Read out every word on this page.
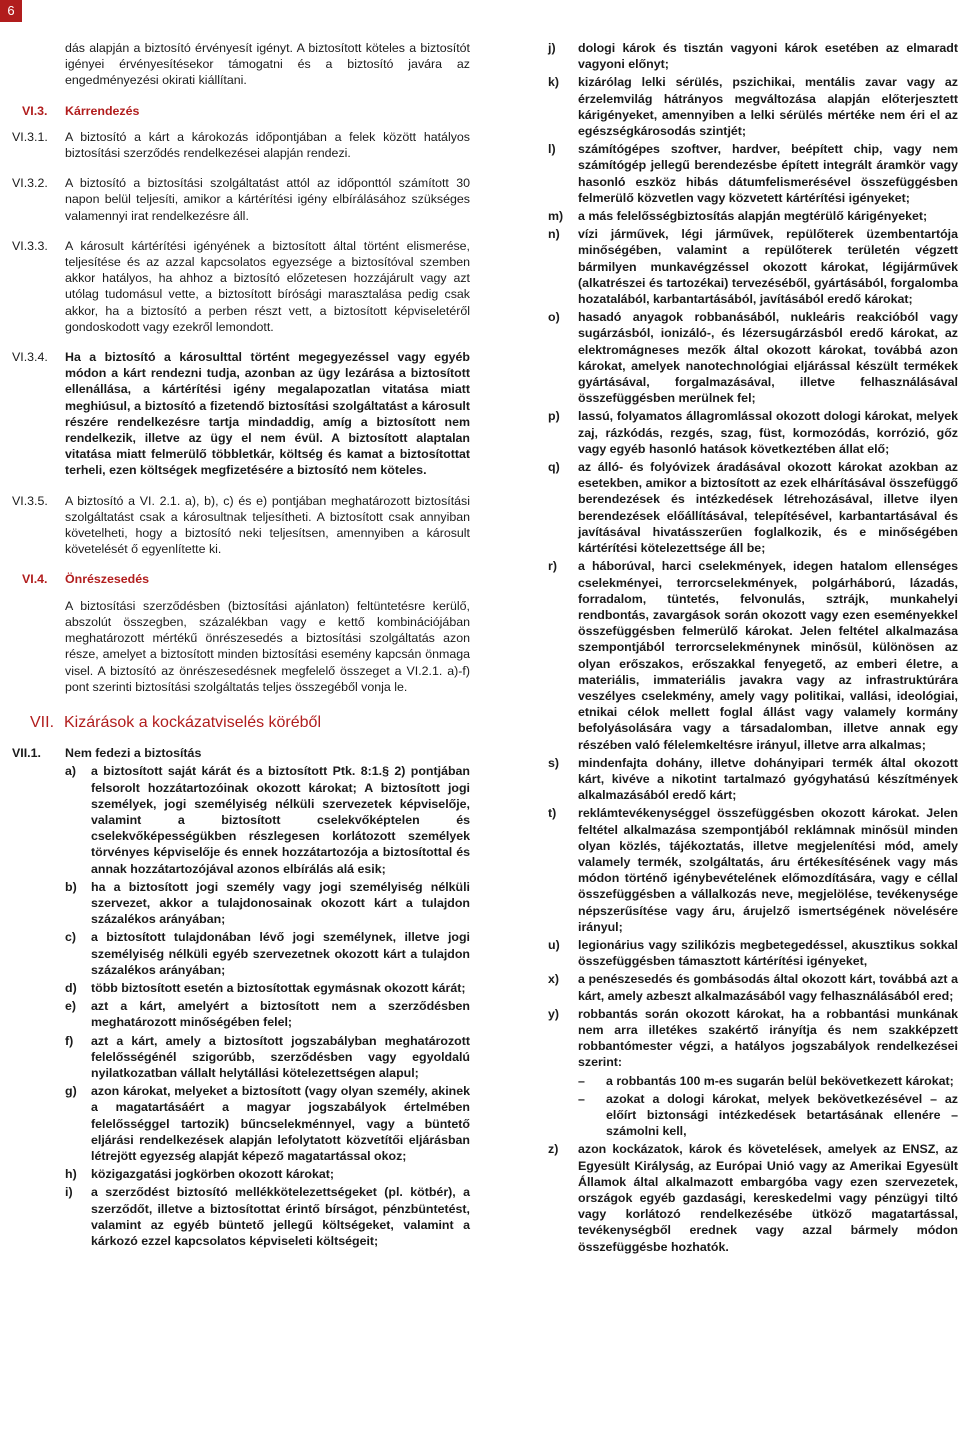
6
dás alapján a biztosító érvényesít igényt. A biztosított köteles a biztosítót igényei érvényesítésekor támogatni és a biztosító javára az engedményezési okirati kiállítani.
VI.3. Kárrendezés
VI.3.1. A biztosító a kárt a károkozás időpontjában a felek között hatályos biztosítási szerződés rendelkezései alapján rendezi.
VI.3.2. A biztosító a biztosítási szolgáltatást attól az időponttól számított 30 napon belül teljesíti, amikor a kártérítési igény elbírálásához szükséges valamennyi irat rendelkezésre áll.
VI.3.3. A károsult kártérítési igényének a biztosított által történt elismerése, teljesítése és az azzal kapcsolatos egyezsége a biztosítóval szemben akkor hatályos, ha ahhoz a biztosító előzetesen hozzájárult vagy azt utólag tudomásul vette, a biztosított bírósági marasztalása pedig csak akkor, ha a biztosító a perben részt vett, a biztosított képviseletéről gondoskodott vagy ezekről lemondott.
VI.3.4. Ha a biztosító a károsulttal történt megegyezéssel vagy egyéb módon a kárt rendezni tudja, azonban az ügy lezárása a biztosított ellenállása, a kártérítési igény megalapozatlan vitatása miatt meghiúsul, a biztosító a fizetendő biztosítási szolgáltatást a károsult részére rendelkezésre tartja mindaddig, amíg a biztosított nem rendelkezik, illetve az ügy el nem évül. A biztosított alaptalan vitatása miatt felmerülő többletkár, költség és kamat a biztosítottat terheli, ezen költségek megfizetésére a biztosító nem köteles.
VI.3.5. A biztosító a VI. 2.1. a), b), c) és e) pontjában meghatározott biztosítási szolgáltatást csak a károsultnak teljesítheti. A biztosított csak annyiban követelheti, hogy a biztosító neki teljesítsen, amennyiben a károsult követelését ő egyenlítette ki.
VI.4. Önrészesedés
A biztosítási szerződésben (biztosítási ajánlaton) feltüntetésre kerülő, abszolút összegben, százalékban vagy e kettő kombinációjában meghatározott mértékű önrészesedés a biztosítási szolgáltatás azon része, amelyet a biztosított minden biztosítási esemény kapcsán önmaga visel. A biztosító az önrészesedésnek megfelelő összeget a VI.2.1. a)-f) pont szerinti biztosítási szolgáltatás teljes összegéből vonja le.
VII. Kizárások a kockázatviselés köréből
VII.1. Nem fedezi a biztosítás
a)	a biztosított saját kárát és a biztosított Ptk. 8:1.§ 2) pontjában felsorolt hozzátartozóinak okozott károkat; A biztosított jogi személyek, jogi személyiség nélküli szervezetek képviselője, valamint a biztosított cselekvőképtelen és cselekvőképességükben részlegesen korlátozott személyek törvényes képviselője és ennek hozzátartozója a biztosítottal és annak hozzátartozójával azonos elbírálás alá esik;
b)	ha a biztosított jogi személy vagy jogi személyiség nélküli szervezet, akkor a tulajdonosainak okozott kárt a tulajdon százalékos arányában;
c)	a biztosított tulajdonában lévő jogi személynek, illetve jogi személyiség nélküli egyéb szervezetnek okozott kárt a tulajdon százalékos arányában;
d)	több biztosított esetén a biztosítottak egymásnak okozott kárát;
e)	azt a kárt, amelyért a biztosított nem a szerződésben meghatározott minőségében felel;
f)	azt a kárt, amely a biztosított jogszabályban meghatározott felelősségénél szigorúbb, szerződésben vagy egyoldalú nyilatkozatban vállalt helytállási kötelezettségen alapul;
g)	azon károkat, melyeket a biztosított (vagy olyan személy, akinek a magatartásáért a magyar jogszabályok értelmében felelősséggel tartozik) bűncselekménnyel, vagy a büntető eljárási rendelkezések alapján lefolytatott közvetítői eljárásban létrejött egyezség alapját képező magatartással okoz;
h)	közigazgatási jogkörben okozott károkat;
i)	a szerződést biztosító mellékkötelezettségeket (pl. kötbér), a szerződőt, illetve a biztosítottat érintő bírságot, pénzbüntetést, valamint az egyéb büntető jellegű költségeket, valamint a kárkozó ezzel kapcsolatos képviseleti költségeit;
j)	dologi károk és tisztán vagyoni károk esetében az elmaradt vagyoni előnyt;
k)	kizárólag lelki sérülés, pszichikai, mentális zavar vagy az érzelemvilág hátrányos megváltozása alapján előterjesztett kárigényeket, amennyiben a lelki sérülés mértéke nem éri el az egészségkárosodás szintjét;
l)	számítógépes szoftver, hardver, beépített chip, vagy nem számítógép jellegű berendezésbe épített integrált áramkör vagy hasonló eszköz hibás dátumfelismerésével összefüggésben felmerülő közvetlen vagy közvetett kártérítési igényeket;
m)	a más felelősségbiztosítás alapján megtérülő kárigényeket;
n)	vízi járművek, légi járművek, repülőterek üzembentartója minőségében, valamint a repülőterek területén végzett bármilyen munkavégzéssel okozott károkat, légijárművek (alkatrészei és tartozékai) tervezéséből, gyártásából, forgalomba hozatalából, karbantartásából, javításából eredő károkat;
o)	hasadó anyagok robbanásából, nukleáris reakcióból vagy sugárzásból, ionizáló-, és lézersugárzásból eredő károkat, az elektromágneses mezők által okozott károkat, továbbá azon károkat, amelyek nanotechnológiai eljárással készült termékek gyártásával, forgalmazásával, illetve felhasználásával összefüggésben merülnek fel;
p)	lassú, folyamatos állagromlással okozott dologi károkat, melyek zaj, rázkódás, rezgés, szag, füst, kormozódás, korrózió, gőz vagy egyéb hasonló hatások következtében állat elő;
q)	az álló- és folyóvizek áradásával okozott károkat azokban az esetekben, amikor a biztosított az ezek elhárításával összefüggő berendezések és intézkedések létrehozásával, illetve ilyen berendezések előállításával, telepítésével, karbantartásával és javításával hivatásszerűen foglalkozik, és e minőségében kártérítési kötelezettsége áll be;
r)	a háborúval, harci cselekmények, idegen hatalom ellenséges cselekményei, terrorcselekmények, polgárháború, lázadás, forradalom, tüntetés, felvonulás, sztrájk, munkahelyi rendbontás, zavargások során okozott vagy ezen eseményekkel összefüggésben felmerülő károkat. Jelen feltétel alkalmazása szempontjából terrorcselekménynek minősül, különösen az olyan erőszakos, erőszakkal fenyegető, az emberi életre, a materiális, immateriális javakra vagy az infrastruktúrára veszélyes cselekmény, amely vagy politikai, vallási, ideológiai, etnikai célok mellett foglal állást vagy valamely kormány befolyásolására vagy a társadalomban, illetve annak egy részében való félelemkeltésre irányul, illetve arra alkalmas;
s)	mindenfajta dohány, illetve dohányipari termék által okozott kárt, kivéve a nikotint tartalmazó gyógyhatású készítmények alkalmazásából eredő kárt;
t)	reklámtevékenységgel összefüggésben okozott károkat. Jelen feltétel alkalmazása szempontjából reklámnak minősül minden olyan közlés, tájékoztatás, illetve megjelenítési mód, amely valamely termék, szolgáltatás, áru értékesítésének vagy más módon történő igénybevételének előmozdítására, vagy e céllal összefüggésben a vállalkozás neve, megjelölése, tevékenysége népszerűsítése vagy áru, árujelző ismertségének növelésére irányul;
u)	legionárius vagy szilikózis megbetegedéssel, akusztikus sokkal összefüggésben támasztott kártérítési igényeket,
x)	a penészesedés és gombásodás által okozott kárt, továbbá azt a kárt, amely azbeszt alkalmazásából vagy felhasználásából ered;
y)	robbantás során okozott károkat, ha a robbantási munkának nem arra illetékes szakértő irányítja és nem szakképzett robbantómester végzi, a hatályos jogszabályok rendelkezései szerint:
–	a robbantás 100 m-es sugarán belül bekövetkezett károkat;
–	azokat a dologi károkat, melyek bekövetkezésével – az előírt biztonsági intézkedések betartásának ellenére – számolni kell,
z)	azon kockázatok, károk és követelések, amelyek az ENSZ, az Egyesült Királyság, az Európai Unió vagy az Amerikai Egyesült Államok által alkalmazott embargóba vagy ezen szervezetek, országok egyéb gazdasági, kereskedelmi vagy pénzügyi tiltó vagy korlátozó rendelkezésébe ütköző magatartással, tevékenységből erednek vagy azzal bármely módon összefüggésbe hozhatók.
